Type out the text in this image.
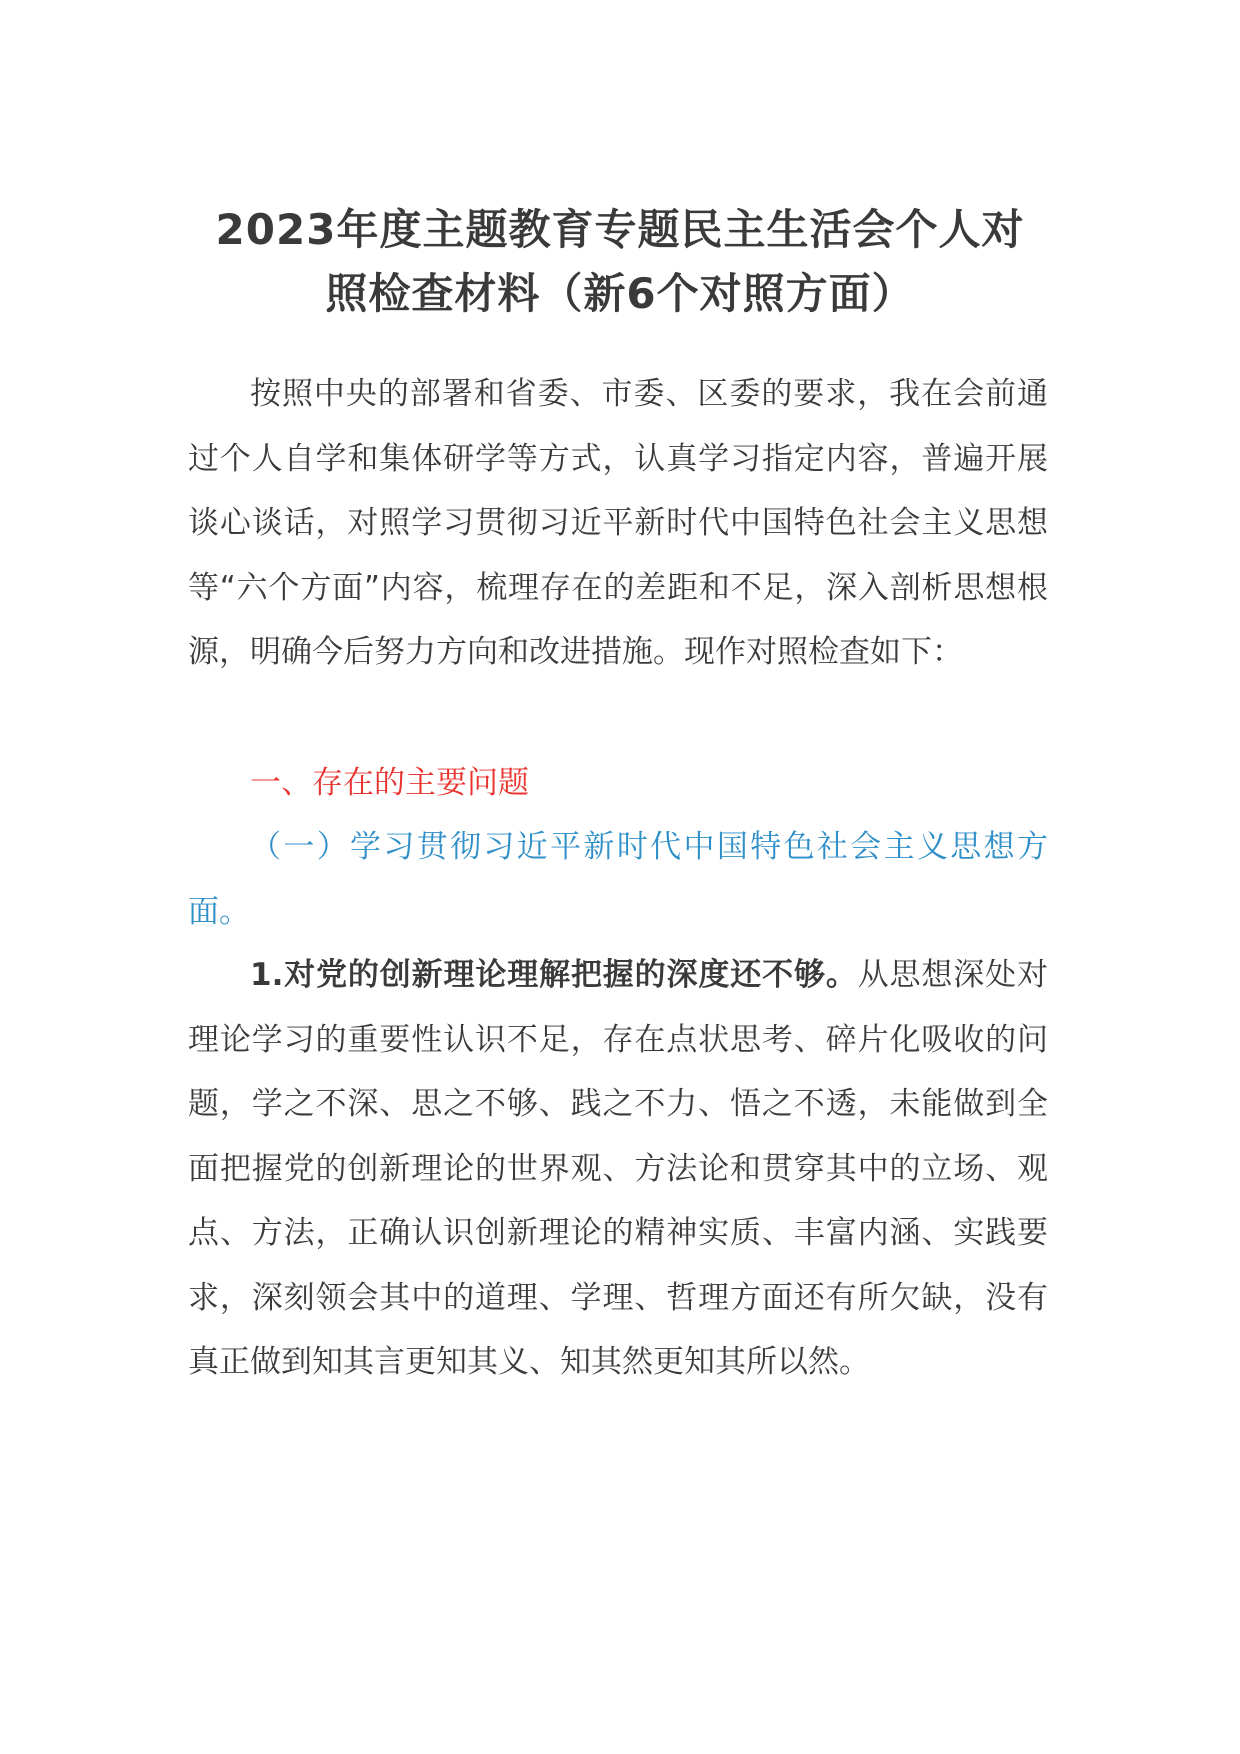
2023年度主题教育专题民主生活会个人对
照检查材料（新6个对照方面）

按照中央的部署和省委、市委、区委的要求，我在会前通过个人自学和集体研学等方式，认真学习指定内容，普遍开展谈心谈话，对照学习贯彻习近平新时代中国特色社会主义思想等“六个方面”内容，梳理存在的差距和不足，深入剖析思想根源，明确今后努力方向和改进措施。现作对照检查如下：

一、存在的主要问题

（一）学习贯彻习近平新时代中国特色社会主义思想方面。

1.对党的创新理论理解把握的深度还不够。从思想深处对理论学习的重要性认识不足，存在点状思考、碎片化吸收的问题，学之不深、思之不够、践之不力、悟之不透，未能做到全面把握党的创新理论的世界观、方法论和贯穿其中的立场、观点、方法，正确认识创新理论的精神实质、丰富内涵、实践要求，深刻领会其中的道理、学理、哲理方面还有所欠缺，没有真正做到知其言更知其义、知其然更知其所以然。
